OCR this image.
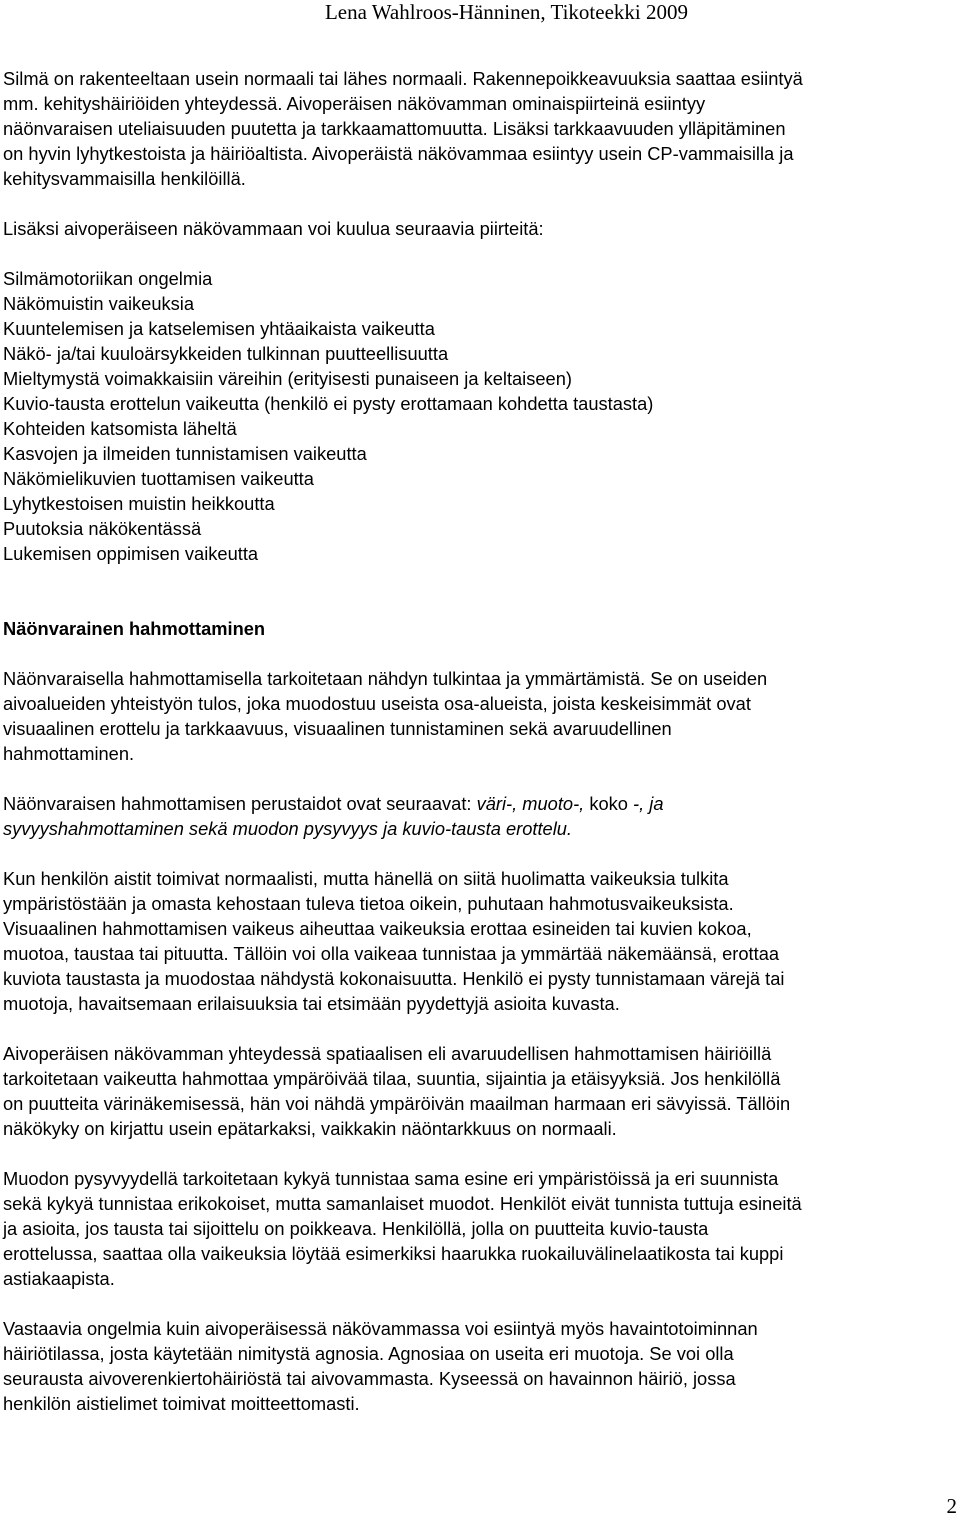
Lena Wahlroos-Hänninen, Tikoteekki 2009

Silmä on rakenteeltaan usein normaali tai lähes normaali. Rakennepoikkeavuuksia saattaa esiintyä
mm. kehityshäiriöiden yhteydessä. Aivoperäisen näkövamman ominaispiirteinä esiintyy
näönvaraisen uteliaisuuden puutetta ja tarkkaamattomuutta. Lisäksi tarkkaavuuden ylläpitäminen
on hyvin lyhytkestoista ja häiriöaltista. Aivoperäistä näkövammaa esiintyy usein CP-vammaisilla ja
kehitysvammaisilla henkilöillä.

Lisäksi aivoperäiseen näkövammaan voi kuulua seuraavia piirteitä:

Silmämotoriikan ongelmia
Näkömuistin vaikeuksia
Kuuntelemisen ja katselemisen yhtäaikaista vaikeutta
Näkö- ja/tai kuuloärsykkeiden tulkinnan puutteellisuutta
Mieltymystä voimakkaisiin väreihin (erityisesti punaiseen ja keltaiseen)
Kuvio-tausta erottelun vaikeutta (henkilö ei pysty erottamaan kohdetta taustasta)
Kohteiden katsomista läheltä
Kasvojen ja ilmeiden tunnistamisen vaikeutta
Näkömielikuvien tuottamisen vaikeutta
Lyhytkestoisen muistin heikkoutta
Puutoksia näkökentässä
Lukemisen oppimisen vaikeutta

Näönvarainen hahmottaminen

Näönvaraisella hahmottamisella tarkoitetaan nähdyn tulkintaa ja ymmärtämistä. Se on useiden
aivoalueiden yhteistyön tulos, joka muodostuu useista osa-alueista, joista keskeisimmät ovat
visuaalinen erottelu ja tarkkaavuus, visuaalinen tunnistaminen sekä avaruudellinen
hahmottaminen.

Näönvaraisen hahmottamisen perustaidot ovat seuraavat: väri-, muoto-, koko -, ja
syvyyshahmottaminen sekä muodon pysyvyys ja kuvio-tausta erottelu.

Kun henkilön aistit toimivat normaalisti, mutta hänellä on siitä huolimatta vaikeuksia tulkita
ympäristöstään ja omasta kehostaan tuleva tietoa oikein, puhutaan hahmotusvaikeuksista.
Visuaalinen hahmottamisen vaikeus aiheuttaa vaikeuksia erottaa esineiden tai kuvien kokoa,
muotoa, taustaa tai pituutta. Tällöin voi olla vaikeaa tunnistaa ja ymmärtää näkemäänsä, erottaa
kuviota taustasta ja muodostaa nähdystä kokonaisuutta. Henkilö ei pysty tunnistamaan värejä tai
muotoja, havaitsemaan erilaisuuksia tai etsimään pyydettyjä asioita kuvasta.

Aivoperäisen näkövamman yhteydessä spatiaalisen eli avaruudellisen hahmottamisen häiriöillä
tarkoitetaan vaikeutta hahmottaa ympäröivää tilaa, suuntia, sijaintia ja etäisyyksiä. Jos henkilöllä
on puutteita värinäkemisessä, hän voi nähdä ympäröivän maailman harmaan eri sävyissä. Tällöin
näkökyky on kirjattu usein epätarkaksi, vaikkakin näöntarkkuus on normaali.

Muodon pysyvyydellä tarkoitetaan kykyä tunnistaa sama esine eri ympäristöissä ja eri suunnista
sekä kykyä tunnistaa erikokoiset, mutta samanlaiset muodot. Henkilöt eivät tunnista tuttuja esineitä
ja asioita, jos tausta tai sijoittelu on poikkeava. Henkilöllä, jolla on puutteita kuvio-tausta
erottelussa, saattaa olla vaikeuksia löytää esimerkiksi haarukka ruokailuvälinelaatikosta tai kuppi
astiakaapista.

Vastaavia ongelmia kuin aivoperäisessä näkövammassa voi esiintyä myös havaintotoiminnan
häiriötilassa, josta käytetään nimitystä agnosia. Agnosiaa on useita eri muotoja. Se voi olla
seurausta aivoverenkiertohäiriöstä tai aivovammasta. Kyseessä on havainnon häiriö, jossa
henkilön aistielimet toimivat moitteettomasti.

2
